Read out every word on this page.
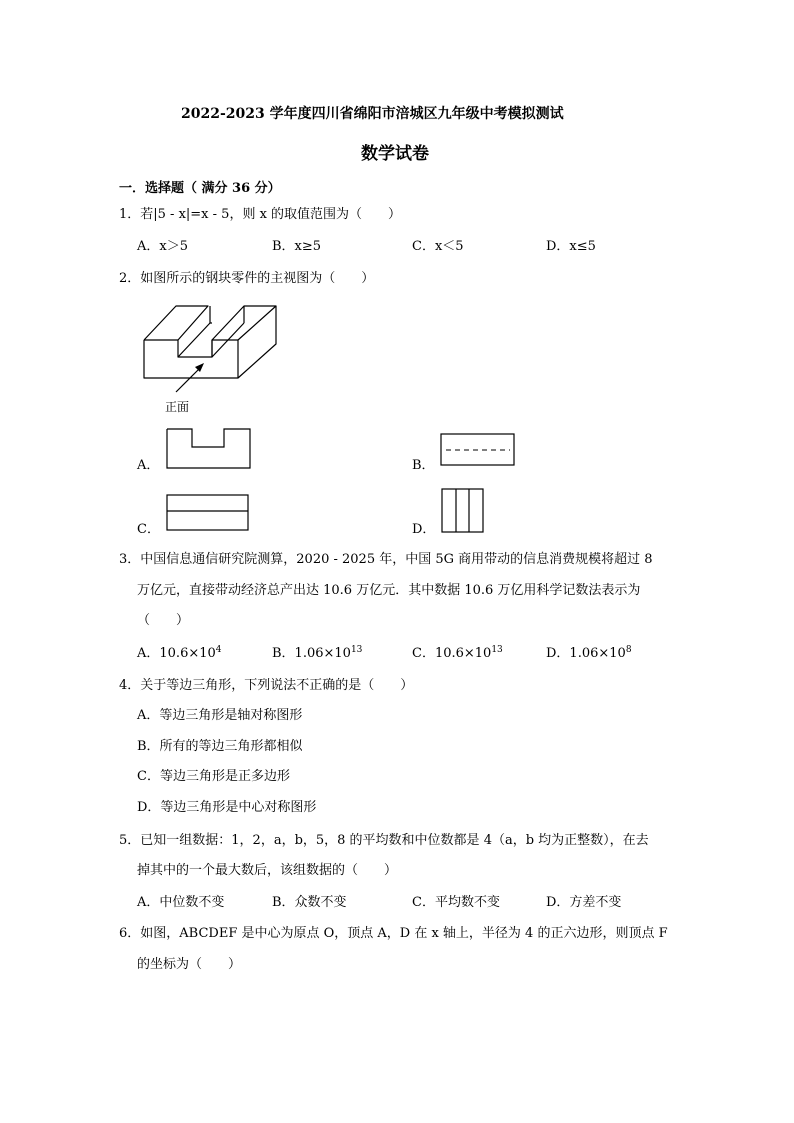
2022-2023 学年度四川省绵阳市涪城区九年级中考模拟测试
数学试卷
一．选择题（ 满分 36 分）
1．若|5 - x|=x - 5，则 x 的取值范围为（　　）
A．x＞5	B．x≥5	C．x＜5	D．x≤5
2．如图所示的钢块零件的主视图为（　　）
正面
A．	B．
C．	D．
3．中国信息通信研究院测算，2020 - 2025 年，中国 5G 商用带动的信息消费规模将超过 8
万亿元，直接带动经济总产出达 10.6 万亿元．其中数据 10.6 万亿用科学记数法表示为
（　　）
A．$10.6\times 10^4$	B．$1.06\times 10^{13}$	C．$10.6\times 10^{13}$	D．$1.06\times 10^8$
4．关于等边三角形，下列说法不正确的是（　　）
A．等边三角形是轴对称图形
B．所有的等边三角形都相似
C．等边三角形是正多边形
D．等边三角形是中心对称图形
5．已知一组数据：1，2，a，b，5，8 的平均数和中位数都是 4（a，b 均为正整数），在去
掉其中的一个最大数后，该组数据的（　　）
A．中位数不变	B．众数不变	C．平均数不变	D．方差不变
6．如图，ABCDEF 是中心为原点 O，顶点 A，D 在 x 轴上，半径为 4 的正六边形，则顶点 F
的坐标为（　　）
